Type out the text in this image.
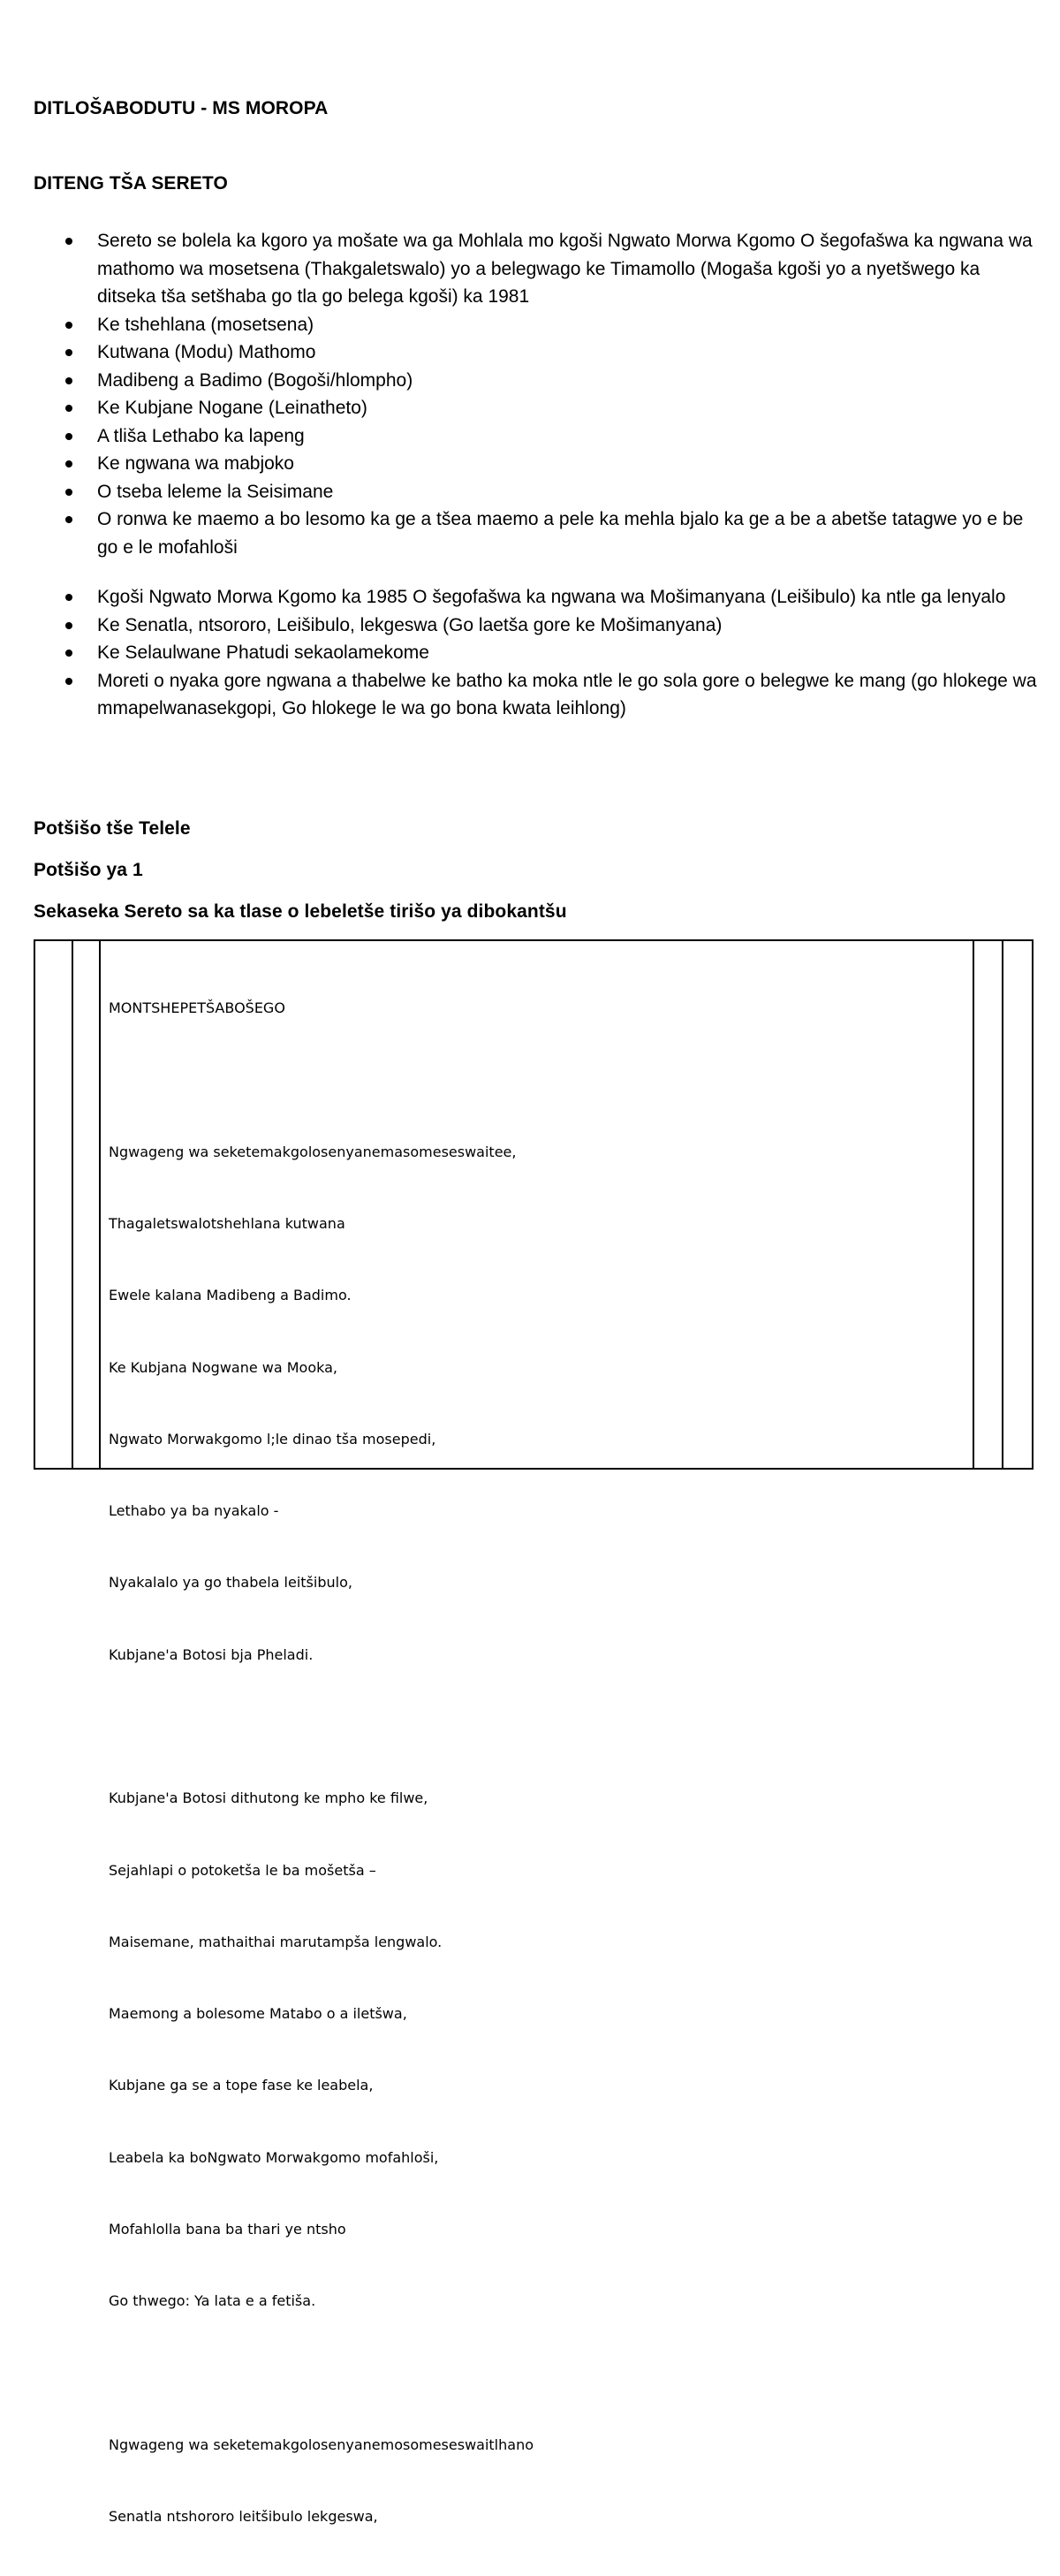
DITLOŠABODUTU - MS MOROPA
DITENG TŠA SERETO
Sereto se bolela ka kgoro ya mošate wa ga Mohlala mo kgoši Ngwato Morwa Kgomo O šegofašwa ka ngwana wa mathomo wa mosetsena (Thakgaletswalo) yo a belegwago ke Timamollo (Mogaša kgoši yo a nyetšwego ka ditseka tša setšhaba go tla go belega kgoši) ka 1981
Ke tshehlana (mosetsena)
Kutwana (Modu) Mathomo
Madibeng a Badimo (Bogoši/hlompho)
Ke Kubjane Nogane (Leinatheto)
A tliša Lethabo ka lapeng
Ke ngwana wa mabjoko
O tseba leleme la Seisimane
O ronwa ke maemo a bo lesomo ka ge a tšea maemo a pele ka mehla bjalo ka ge a be a abetše tatagwe yo e be go e le mofahloši
Kgoši Ngwato Morwa Kgomo ka 1985 O šegofašwa ka ngwana wa Mošimanyana (Leišibulo) ka ntle ga lenyalo
Ke Senatla, ntsororo, Leišibulo, lekgeswa (Go laetša gore ke Mošimanyana)
Ke Selaulwane Phatudi sekaolamekome
Moreti o nyaka gore ngwana a thabelwe ke batho ka moka ntle le go sola gore o belegwe ke mang (go hlokege wa mmapelwanasekgopi, Go hlokege le wa go bona kwata leihlong)
Potšišo tše Telele
Potšišo ya 1
Sekaseka Sereto sa ka tlase o lebeletše tirišo ya dibokantšu

MONTSHEPETŠABOŠEGO

Ngwageng wa seketemakgolosenyanemasomeseswaitee,

Thagaletswalotshehlana kutwana

Ewele kalana Madibeng a Badimo.

Ke Kubjana Nogwane wa Mooka,

Ngwato Morwakgomo l;le dinao tša mosepedi,

Lethabo ya ba nyakalo -

Nyakalalo ya go thabela leitšibulo,

Kubjane'a Botosi bja Pheladi.

Kubjane'a Botosi dithutong ke mpho ke filwe,

Sejahlapi o potoketša le ba mošetša –

Maisemane, mathaithai marutampša lengwalo.

Maemong a bolesome Matabo o a iletšwa,

Kubjane ga se a tope fase ke leabela,

Leabela ka boNgwato Morwakgomo mofahloši,

Mofahlolla bana ba thari ye ntsho

Go thwego: Ya lata e a fetiša.

Ngwageng wa seketemakgolosenyanemosomeseswaitlhano

Senatla ntshororo leitšibulo lekgeswa,
